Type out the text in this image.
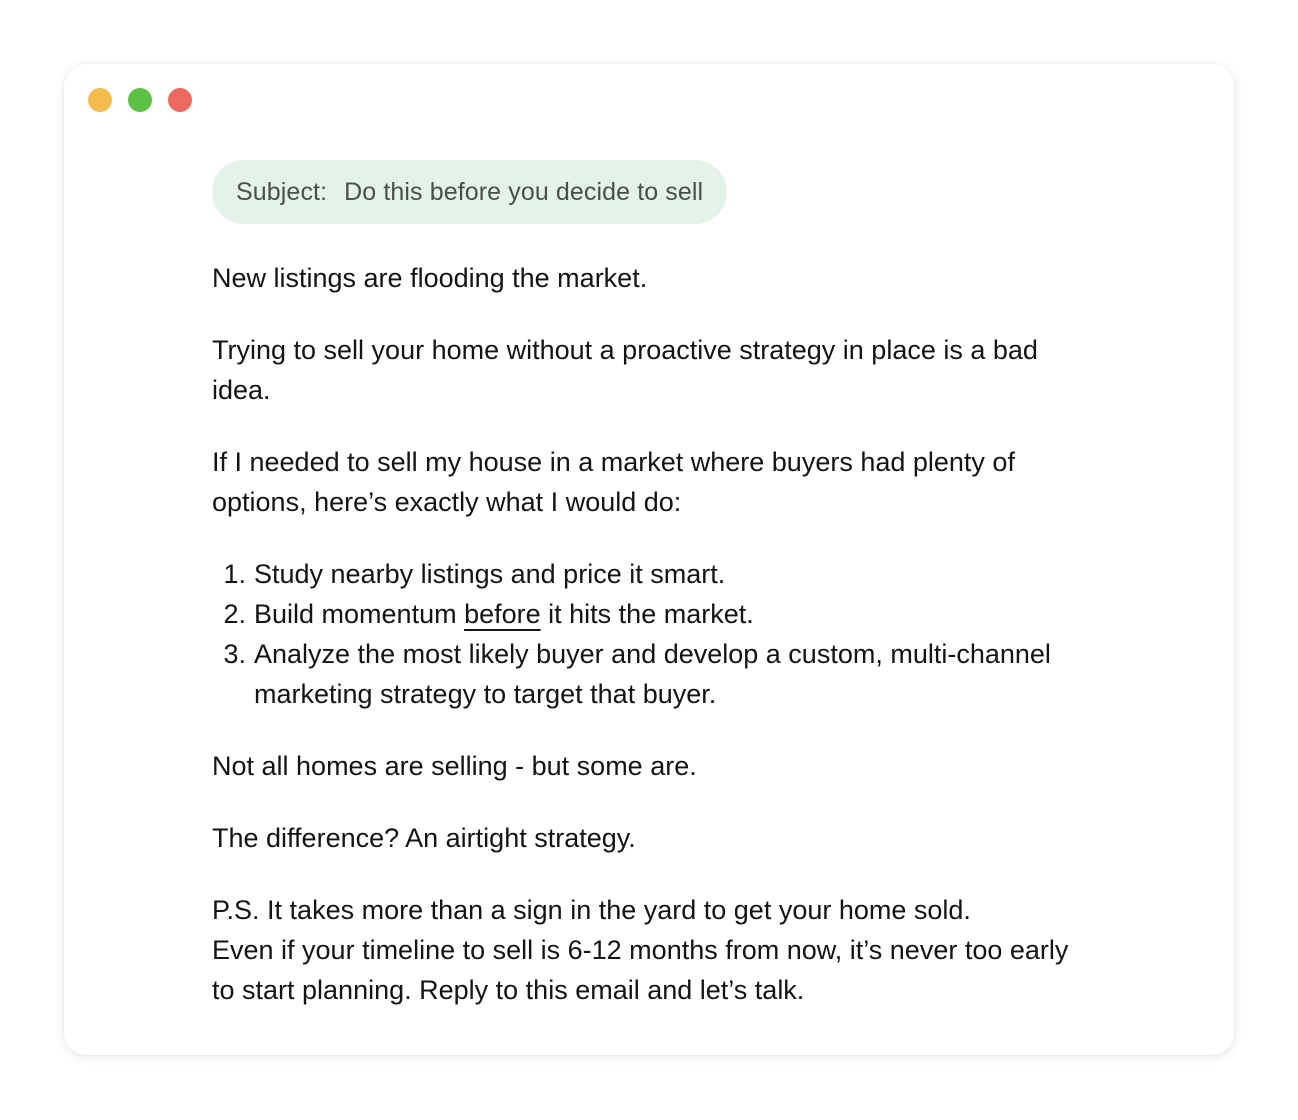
Subject: Do this before you decide to sell

New listings are flooding the market.

Trying to sell your home without a proactive strategy in place is a bad idea.

If I needed to sell my house in a market where buyers had plenty of options, here’s exactly what I would do:

1. Study nearby listings and price it smart.
2. Build momentum before it hits the market.
3. Analyze the most likely buyer and develop a custom, multi-channel marketing strategy to target that buyer.

Not all homes are selling - but some are.

The difference? An airtight strategy.

P.S. It takes more than a sign in the yard to get your home sold.
Even if your timeline to sell is 6-12 months from now, it’s never too early to start planning. Reply to this email and let’s talk.
